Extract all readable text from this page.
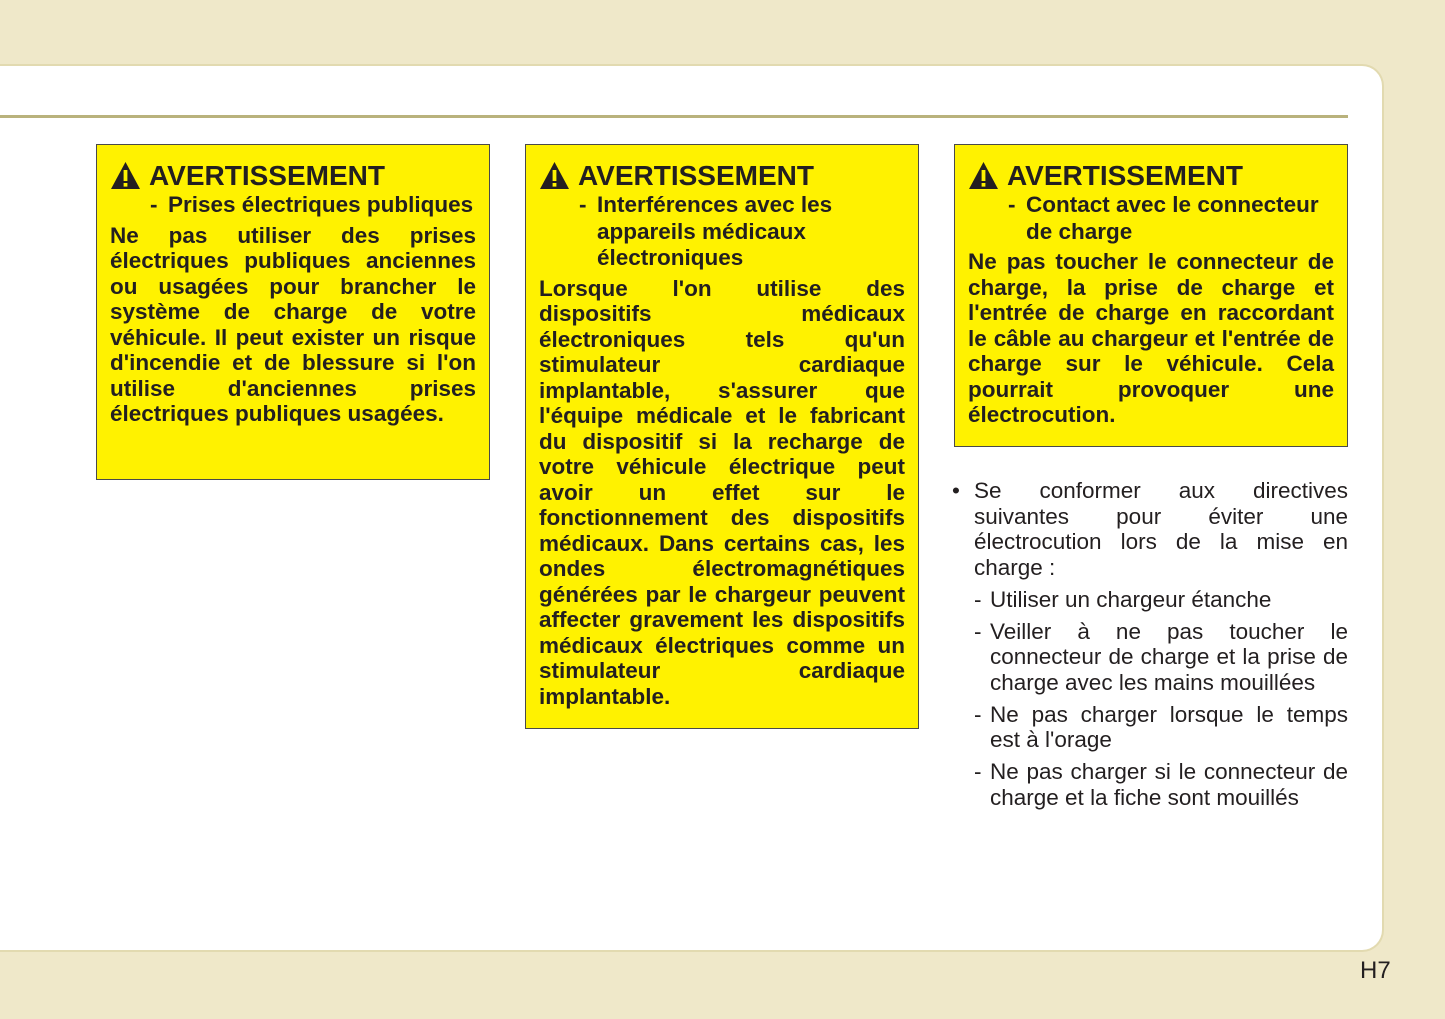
AVERTISSEMENT
- Prises électriques publiques
Ne pas utiliser des prises électriques publiques anciennes ou usagées pour brancher le système de charge de votre véhicule. Il peut exister un risque d'incendie et de blessure si l'on utilise d'anciennes prises électriques publiques usagées.
AVERTISSEMENT
- Interférences avec les appareils médicaux électroniques
Lorsque l'on utilise des dispositifs médicaux électroniques tels qu'un stimulateur cardiaque implantable, s'assurer que l'équipe médicale et le fabricant du dispositif si la recharge de votre véhicule électrique peut avoir un effet sur le fonctionnement des dispositifs médicaux. Dans certains cas, les ondes électromagnétiques générées par le chargeur peuvent affecter gravement les dispositifs médicaux électriques comme un stimulateur cardiaque implantable.
AVERTISSEMENT
- Contact avec le connecteur de charge
Ne pas toucher le connecteur de charge, la prise de charge et l'entrée de charge en raccordant le câble au chargeur et l'entrée de charge sur le véhicule. Cela pourrait provoquer une électrocution.
• Se conformer aux directives suivantes pour éviter une électrocution lors de la mise en charge :
- Utiliser un chargeur étanche
- Veiller à ne pas toucher le connecteur de charge et la prise de charge avec les mains mouillées
- Ne pas charger lorsque le temps est à l'orage
- Ne pas charger si le connecteur de charge et la fiche sont mouillés
H7
